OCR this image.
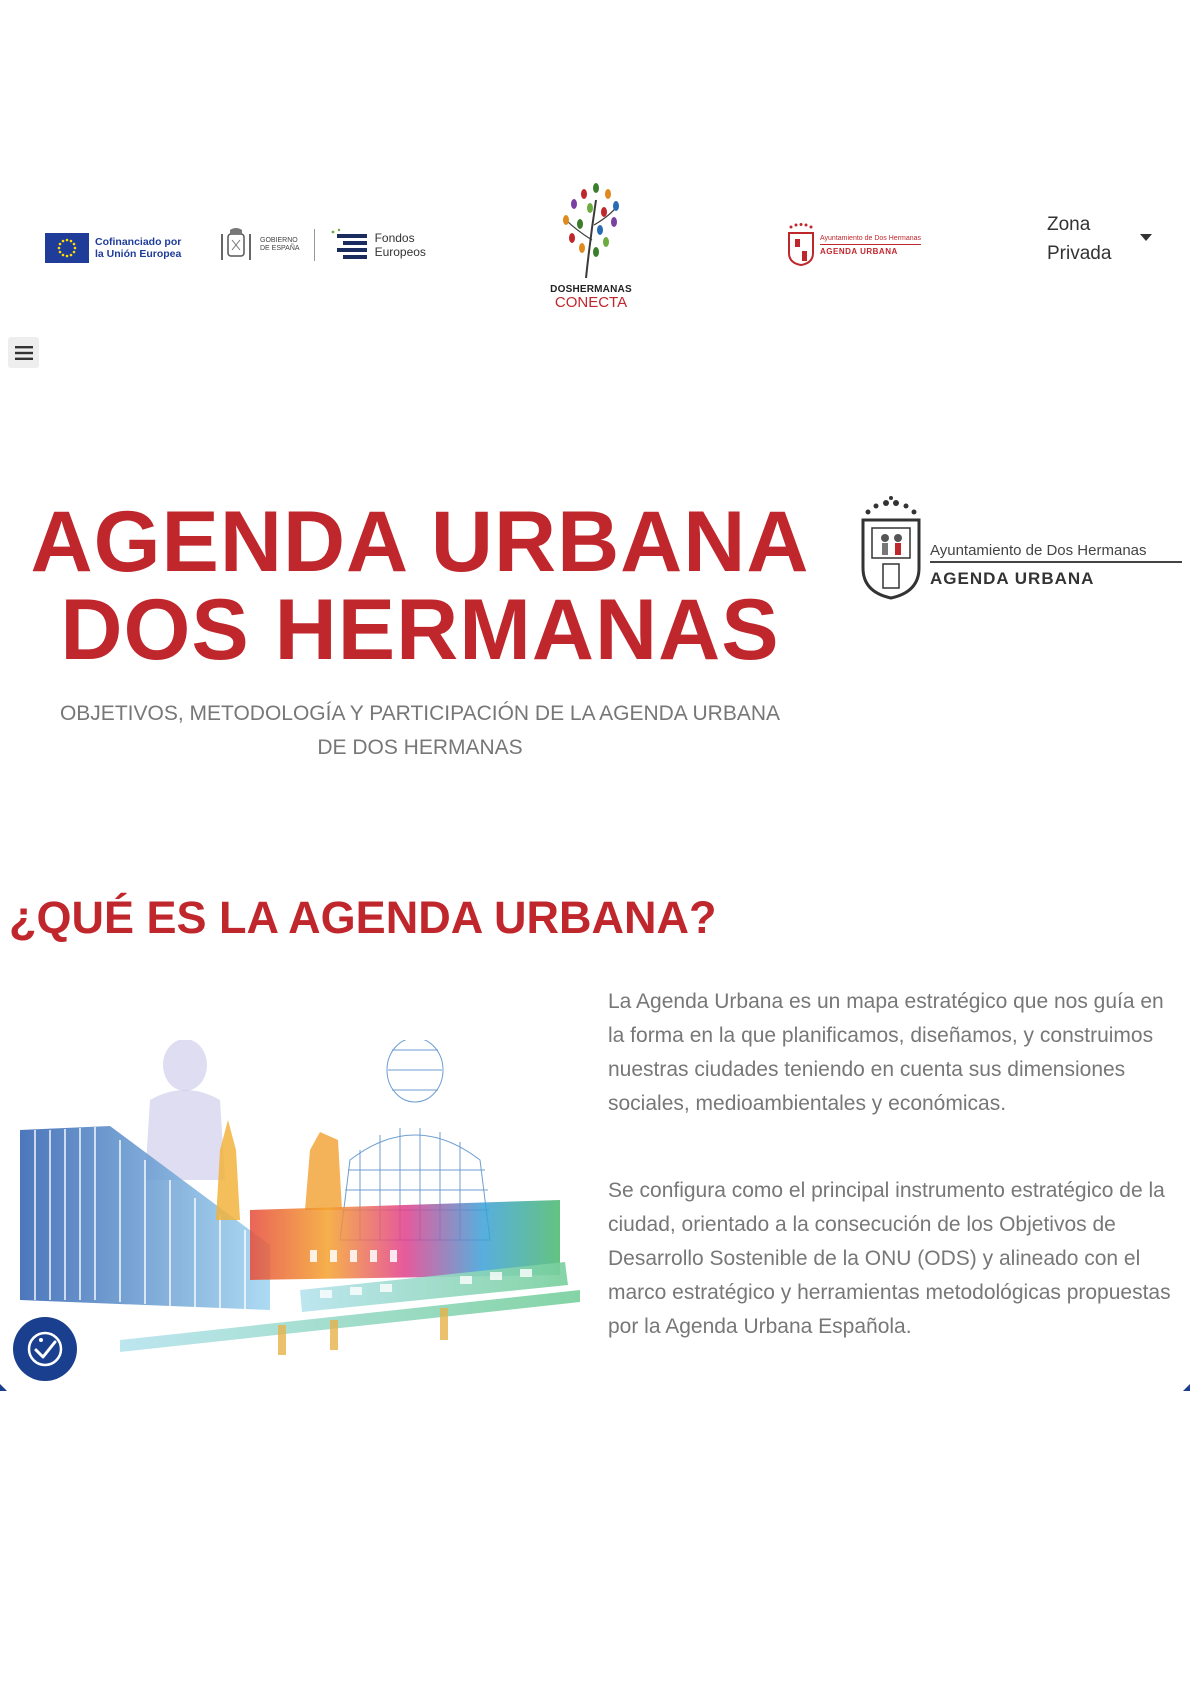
Cofinanciado por
la Unión Europea
GOBIERNO
DE ESPAÑA
Fondos
Europeos
DOSHERMANAS
CONECTA
Ayuntamiento de Dos Hermanas
AGENDA URBANA
Zona
Privada
AGENDA URBANA
DOS HERMANAS
OBJETIVOS, METODOLOGÍA Y PARTICIPACIÓN DE LA AGENDA URBANA
DE DOS HERMANAS
Ayuntamiento de Dos Hermanas
AGENDA URBANA
¿QUÉ ES LA AGENDA URBANA?
La Agenda Urbana es un mapa estratégico que nos guía en la forma en la que planificamos, diseñamos, y construimos nuestras ciudades teniendo en cuenta sus dimensiones sociales, medioambientales y económicas.
Se configura como el principal instrumento estratégico de la ciudad, orientado a la consecución de los Objetivos de Desarrollo Sostenible de la ONU (ODS) y alineado con el marco estratégico y herramientas metodológicas propuestas por la Agenda Urbana Española.
